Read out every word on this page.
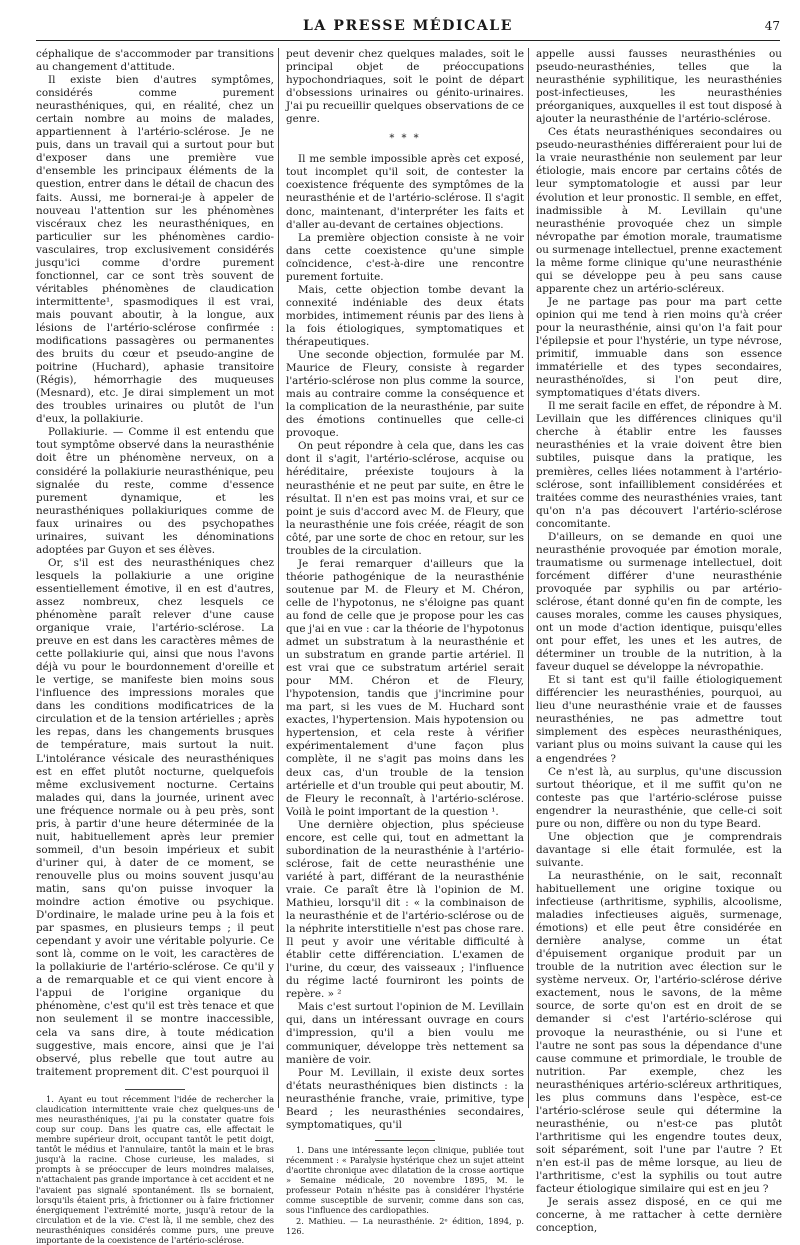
LA PRESSE MÉDICALE	47

céphalique de s'accommoder par transitions au changement d'attitude.

Il existe bien d'autres symptômes, considérés comme purement neurasthéniques, qui, en réalité, chez un certain nombre au moins de malades, appartiennent à l'artério-sclérose. Je ne puis, dans un travail qui a surtout pour but d'exposer dans une première vue d'ensemble les principaux éléments de la question, entrer dans le détail de chacun des faits. Aussi, me bornerai-je à appeler de nouveau l'attention sur les phénomènes viscéraux chez les neurasthéniques, en particulier sur les phénomènes cardio-vasculaires, trop exclusivement considérés jusqu'ici comme d'ordre purement fonctionnel, car ce sont très souvent de véritables phénomènes de claudication intermittente¹, spasmodiques il est vrai, mais pouvant aboutir, à la longue, aux lésions de l'artério-sclérose confirmée : modifications passagères ou permanentes des bruits du cœur et pseudo-angine de poitrine (Huchard), aphasie transitoire (Régis), hémorrhagie des muqueuses (Mesnard), etc. Je dirai simplement un mot des troubles urinaires ou plutôt de l'un d'eux, la pollakiurie.

Pollakiurie. — Comme il est entendu que tout symptôme observé dans la neurasthénie doit être un phénomène nerveux, on a considéré la pollakiurie neurasthénique, peu signalée du reste, comme d'essence purement dynamique, et les neurasthéniques pollakiuriques comme de faux urinaires ou des psychopathes urinaires, suivant les dénominations adoptées par Guyon et ses élèves.

Or, s'il est des neurasthéniques chez lesquels la pollakiurie a une origine essentiellement émotive, il en est d'autres, assez nombreux, chez lesquels ce phénomène paraît relever d'une cause organique vraie, l'artério-sclérose. La preuve en est dans les caractères mêmes de cette pollakiurie qui, ainsi que nous l'avons déjà vu pour le bourdonnement d'oreille et le vertige, se manifeste bien moins sous l'influence des impressions morales que dans les conditions modificatrices de la circulation et de la tension artérielles ; après les repas, dans les changements brusques de température, mais surtout la nuit. L'intolérance vésicale des neurasthéniques est en effet plutôt nocturne, quelquefois même exclusivement nocturne. Certains malades qui, dans la journée, urinent avec une fréquence normale ou à peu près, sont pris, à partir d'une heure déterminée de la nuit, habituellement après leur premier sommeil, d'un besoin impérieux et subit d'uriner qui, à dater de ce moment, se renouvelle plus ou moins souvent jusqu'au matin, sans qu'on puisse invoquer la moindre action émotive ou psychique. D'ordinaire, le malade urine peu à la fois et par spasmes, en plusieurs temps ; il peut cependant y avoir une véritable polyurie. Ce sont là, comme on le voit, les caractères de la pollakiurie de l'artério-sclérose. Ce qu'il y a de remarquable et ce qui vient encore à l'appui de l'origine organique du phénomène, c'est qu'il est très tenace et que non seulement il se montre inaccessible, cela va sans dire, à toute médication suggestive, mais encore, ainsi que je l'ai observé, plus rebelle que tout autre au traitement proprement dit. C'est pourquoi il

1. Ayant eu tout récemment l'idée de rechercher la claudication intermittente vraie chez quelques-uns de mes neurasthéniques, j'ai pu la constater quatre fois coup sur coup. Dans les quatre cas, elle affectait le membre supérieur droit, occupant tantôt le petit doigt, tantôt le médius et l'annulaire, tantôt la main et le bras jusqu'à la racine. Chose curieuse, les malades, si prompts à se préoccuper de leurs moindres malaises, n'attachaient pas grande importance à cet accident et ne l'avaient pas signalé spontanément. Ils se bornaient, lorsqu'ils étaient pris, à frictionner ou à faire frictionner énergiquement l'extrémité morte, jusqu'à retour de la circulation et de la vie. C'est là, il me semble, chez des neurasthéniques considérés comme purs, une preuve importante de la coexistence de l'artério-sclérose.

peut devenir chez quelques malades, soit le principal objet de préoccupations hypochondriaques, soit le point de départ d'obsessions urinaires ou génito-urinaires. J'ai pu recueillir quelques observations de ce genre.

* * *

Il me semble impossible après cet exposé, tout incomplet qu'il soit, de contester la coexistence fréquente des symptômes de la neurasthénie et de l'artério-sclérose. Il s'agit donc, maintenant, d'interpréter les faits et d'aller au-devant de certaines objections.

La première objection consiste à ne voir dans cette coexistence qu'une simple coïncidence, c'est-à-dire une rencontre purement fortuite.

Mais, cette objection tombe devant la connexité indéniable des deux états morbides, intimement réunis par des liens à la fois étiologiques, symptomatiques et thérapeutiques.

Une seconde objection, formulée par M. Maurice de Fleury, consiste à regarder l'artério-sclérose non plus comme la source, mais au contraire comme la conséquence et la complication de la neurasthénie, par suite des émotions continuelles que celle-ci provoque.

On peut répondre à cela que, dans les cas dont il s'agit, l'artério-sclérose, acquise ou héréditaire, préexiste toujours à la neurasthénie et ne peut par suite, en être le résultat. Il n'en est pas moins vrai, et sur ce point je suis d'accord avec M. de Fleury, que la neurasthénie une fois créée, réagit de son côté, par une sorte de choc en retour, sur les troubles de la circulation.

Je ferai remarquer d'ailleurs que la théorie pathogénique de la neurasthénie soutenue par M. de Fleury et M. Chéron, celle de l'hypotonus, ne s'éloigne pas quant au fond de celle que je propose pour les cas que j'ai en vue : car la théorie de l'hypotonus admet un substratum à la neurasthénie et un substratum en grande partie artériel. Il est vrai que ce substratum artériel serait pour MM. Chéron et de Fleury, l'hypotension, tandis que j'incrimine pour ma part, si les vues de M. Huchard sont exactes, l'hypertension. Mais hypotension ou hypertension, et cela reste à vérifier expérimentalement d'une façon plus complète, il ne s'agit pas moins dans les deux cas, d'un trouble de la tension artérielle et d'un trouble qui peut aboutir, M. de Fleury le reconnaît, à l'artério-sclérose. Voilà le point important de la question ¹.

Une dernière objection, plus spécieuse encore, est celle qui, tout en admettant la subordination de la neurasthénie à l'artério-sclérose, fait de cette neurasthénie une variété à part, différant de la neurasthénie vraie. Ce paraît être là l'opinion de M. Mathieu, lorsqu'il dit : « la combinaison de la neurasthénie et de l'artério-sclérose ou de la néphrite interstitielle n'est pas chose rare. Il peut y avoir une véritable difficulté à établir cette différenciation. L'examen de l'urine, du cœur, des vaisseaux ; l'influence du régime lacté fourniront les points de repère. » ²

Mais c'est surtout l'opinion de M. Levillain qui, dans un intéressant ouvrage en cours d'impression, qu'il a bien voulu me communiquer, développe très nettement sa manière de voir.

Pour M. Levillain, il existe deux sortes d'états neurasthéniques bien distincts : la neurasthénie franche, vraie, primitive, type Beard ; les neurasthénies secondaires, symptomatiques, qu'il

1. Dans une intéressante leçon clinique, publiée tout récemment : « Paralysie hystérique chez un sujet atteint d'aortite chronique avec dilatation de la crosse aortique » Semaine médicale, 20 novembre 1895, M. le professeur Potain n'hésite pas à considérer l'hystérie comme susceptible de survenir, comme dans son cas, sous l'influence des cardiopathies.

2. Mathieu. — La neurasthénie. 2ᵉ édition, 1894, p. 126.

appelle aussi fausses neurasthénies ou pseudo-neurasthénies, telles que la neurasthénie syphilitique, les neurasthénies post-infectieuses, les neurasthénies préorganiques, auxquelles il est tout disposé à ajouter la neurasthénie de l'artério-sclérose.

Ces états neurasthéniques secondaires ou pseudo-neurasthénies différeraient pour lui de la vraie neurasthénie non seulement par leur étiologie, mais encore par certains côtés de leur symptomatologie et aussi par leur évolution et leur pronostic. Il semble, en effet, inadmissible à M. Levillain qu'une neurasthénie provoquée chez un simple névropathe par émotion morale, traumatisme ou surmenage intellectuel, prenne exactement la même forme clinique qu'une neurasthénie qui se développe peu à peu sans cause apparente chez un artério-scléreux.

Je ne partage pas pour ma part cette opinion qui me tend à rien moins qu'à créer pour la neurasthénie, ainsi qu'on l'a fait pour l'épilepsie et pour l'hystérie, un type névrose, primitif, immuable dans son essence immatérielle et des types secondaires, neurasthénoïdes, si l'on peut dire, symptomatiques d'états divers.

Il me serait facile en effet, de répondre à M. Levillain que les différences cliniques qu'il cherche à établir entre les fausses neurasthénies et la vraie doivent être bien subtiles, puisque dans la pratique, les premières, celles liées notamment à l'artério-sclérose, sont infailliblement considérées et traitées comme des neurasthénies vraies, tant qu'on n'a pas découvert l'artério-sclérose concomitante.

D'ailleurs, on se demande en quoi une neurasthénie provoquée par émotion morale, traumatisme ou surmenage intellectuel, doit forcément différer d'une neurasthénie provoquée par syphilis ou par artério-sclérose, étant donné qu'en fin de compte, les causes morales, comme les causes physiques, ont un mode d'action identique, puisqu'elles ont pour effet, les unes et les autres, de déterminer un trouble de la nutrition, à la faveur duquel se développe la névropathie.

Et si tant est qu'il faille étiologiquement différencier les neurasthénies, pourquoi, au lieu d'une neurasthénie vraie et de fausses neurasthénies, ne pas admettre tout simplement des espèces neurasthéniques, variant plus ou moins suivant la cause qui les a engendrées ?

Ce n'est là, au surplus, qu'une discussion surtout théorique, et il me suffit qu'on ne conteste pas que l'artério-sclérose puisse engendrer la neurasthénie, que celle-ci soit pure ou non, diffère ou non du type Beard.

Une objection que je comprendrais davantage si elle était formulée, est la suivante.

La neurasthénie, on le sait, reconnaît habituellement une origine toxique ou infectieuse (arthritisme, syphilis, alcoolisme, maladies infectieuses aiguës, surmenage, émotions) et elle peut être considérée en dernière analyse, comme un état d'épuisement organique produit par un trouble de la nutrition avec élection sur le système nerveux. Or, l'artério-sclérose dérive exactement, nous le savons, de la même source, de sorte qu'on est en droit de se demander si c'est l'artério-sclérose qui provoque la neurasthénie, ou si l'une et l'autre ne sont pas sous la dépendance d'une cause commune et primordiale, le trouble de nutrition. Par exemple, chez les neurasthéniques artério-scléreux arthritiques, les plus communs dans l'espèce, est-ce l'artério-sclérose seule qui détermine la neurasthénie, ou n'est-ce pas plutôt l'arthritisme qui les engendre toutes deux, soit séparément, soit l'une par l'autre ? Et n'en est-il pas de même lorsque, au lieu de l'arthritisme, c'est la syphilis ou tout autre facteur étiologique similaire qui est en jeu ?

Je serais assez disposé, en ce qui me concerne, à me rattacher à cette dernière conception,
